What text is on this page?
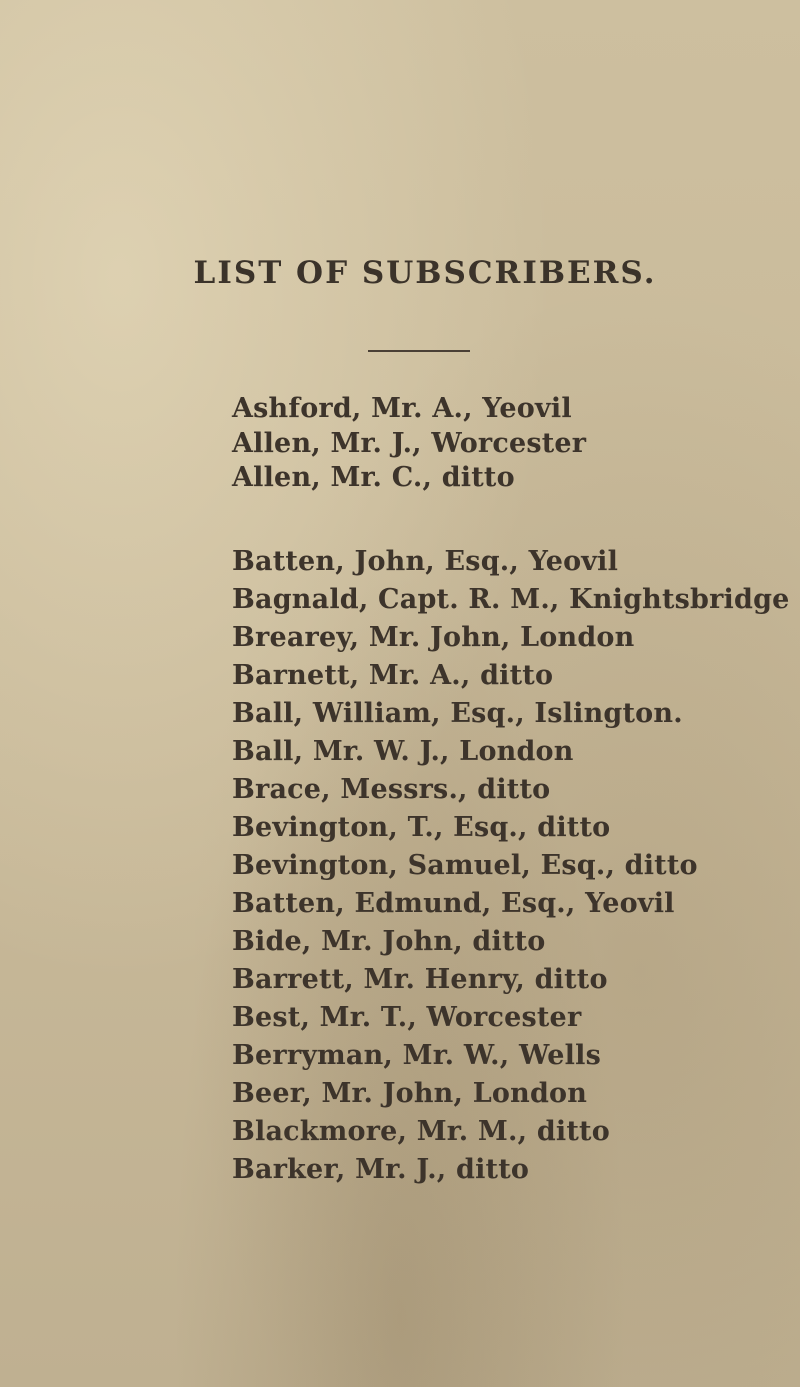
LIST OF SUBSCRIBERS.
Ashford, Mr. A., Yeovil
Allen, Mr. J., Worcester
Allen, Mr. C., ditto
Batten, John, Esq., Yeovil
Bagnald, Capt. R. M., Knightsbridge
Brearey, Mr. John, London
Barnett, Mr. A., ditto
Ball, William, Esq., Islington.
Ball, Mr. W. J., London
Brace, Messrs., ditto
Bevington, T., Esq., ditto
Bevington, Samuel, Esq., ditto
Batten, Edmund, Esq., Yeovil
Bide, Mr. John, ditto
Barrett, Mr. Henry, ditto
Best, Mr. T., Worcester
Berryman, Mr. W., Wells
Beer, Mr. John, London
Blackmore, Mr. M., ditto
Barker, Mr. J., ditto
